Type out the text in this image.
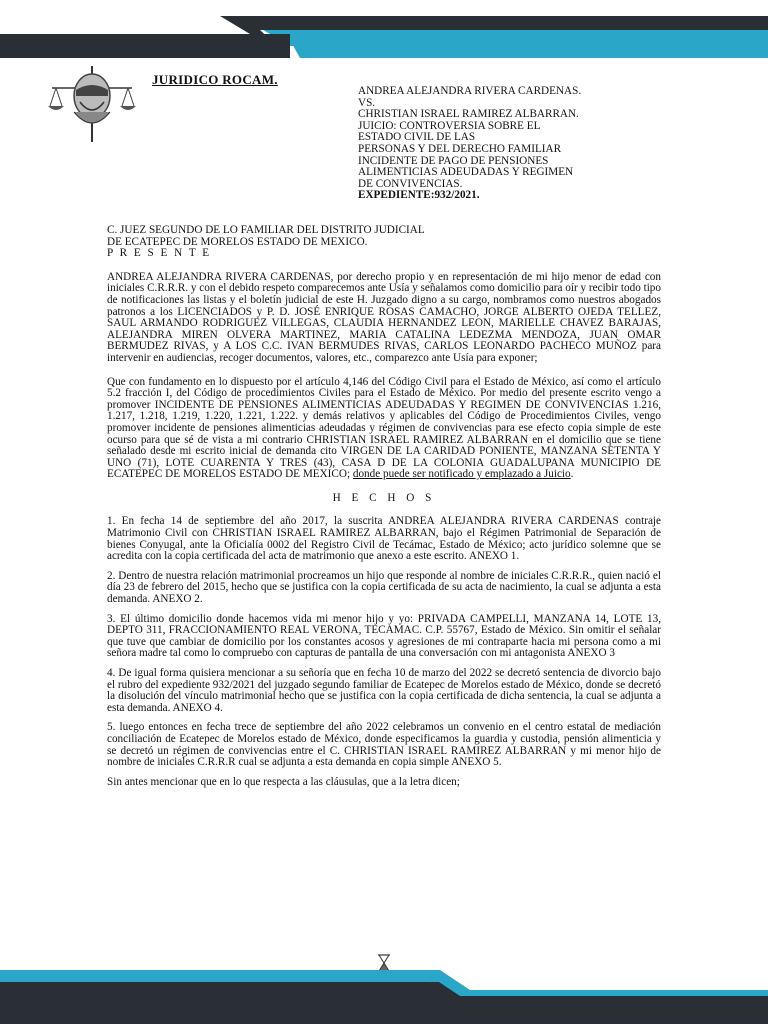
JURIDICO ROCAM.
ANDREA ALEJANDRA RIVERA CARDENAS.
VS.
CHRISTIAN ISRAEL RAMIREZ ALBARRAN.
JUICIO: CONTROVERSIA SOBRE EL
ESTADO CIVIL DE LAS
PERSONAS Y DEL DERECHO FAMILIAR
INCIDENTE DE PAGO DE PENSIONES
ALIMENTICIAS ADEUDADAS Y REGIMEN
DE CONVIVENCIAS.
EXPEDIENTE:932/2021.
C. JUEZ SEGUNDO DE LO FAMILIAR DEL DISTRITO JUDICIAL
DE ECATEPEC DE MORELOS ESTADO DE MEXICO.
P R E S E N T E

ANDREA ALEJANDRA RIVERA CARDENAS, por derecho propio y en representación de mi hijo menor de edad con iniciales C.R.R.R. y con el debido respeto comparecemos ante Usía y señalamos como domicilio para oír y recibir todo tipo de notificaciones las listas y el boletín judicial de este H. Juzgado digno a su cargo, nombramos como nuestros abogados patronos a los LICENCIADOS y P. D. JOSÉ ENRIQUE ROSAS CAMACHO, JORGE ALBERTO OJEDA TELLEZ, SAUL ARMANDO RODRIGUEZ VILLEGAS, CLAUDIA HERNANDEZ LEON, MARIELLE CHAVEZ BARAJAS, ALEJANDRA MIREN OLVERA MARTINEZ, MARIA CATALINA LEDEZMA MENDOZA, JUAN OMAR BERMUDEZ RIVAS, y A LOS C.C. IVAN BERMUDES RIVAS, CARLOS LEONARDO PACHECO MUÑOZ para intervenir en audiencias, recoger documentos, valores, etc., comparezco ante Usía para exponer;

Que con fundamento en lo dispuesto por el artículo 4,146 del Código Civil para el Estado de México, así como el artículo 5.2 fracción I, del Código de procedimientos Civiles para el Estado de México. Por medio del presente escrito vengo a promover INCIDENTE DE PENSIONES ALIMENTICIAS ADEUDADAS Y REGIMEN DE CONVIVENCIAS 1.216, 1.217, 1.218, 1.219, 1.220, 1.221, 1.222. y demás relativos y aplicables del Código de Procedimientos Civiles, vengo promover incidente de pensiones alimenticias adeudadas y régimen de convivencias para ese efecto copia simple de este ocurso para que sé de vista a mi contrario CHRISTIAN ISRAEL RAMIREZ ALBARRAN en el domicilio que se tiene señalado desde mi escrito inicial de demanda cito VIRGEN DE LA CARIDAD PONIENTE, MANZANA SETENTA Y UNO (71), LOTE CUARENTA Y TRES (43), CASA D DE LA COLONIA GUADALUPANA MUNICIPIO DE ECATEPEC DE MORELOS ESTADO DE MEXICO; donde puede ser notificado y emplazado a Juicio.

H E C H O S

1. En fecha 14 de septiembre del año 2017, la suscrita ANDREA ALEJANDRA RIVERA CARDENAS contraje Matrimonio Civil con CHRISTIAN ISRAEL RAMIREZ ALBARRAN, bajo el Régimen Patrimonial de Separación de bienes Conyugal, ante la Oficialía 0002 del Registro Civil de Tecámac, Estado de México; acto jurídico solemne que se acredita con la copia certificada del acta de matrimonio que anexo a este escrito. ANEXO 1.

2. Dentro de nuestra relación matrimonial procreamos un hijo que responde al nombre de iniciales C.R.R.R., quien nació el día 23 de febrero del 2015, hecho que se justifica con la copia certificada de su acta de nacimiento, la cual se adjunta a esta demanda. ANEXO 2.

3. El último domicilio donde hacemos vida mi menor hijo y yo: PRIVADA CAMPELLI, MANZANA 14, LOTE 13, DEPTO 311, FRACCIONAMIENTO REAL VERONA, TECAMAC. C.P. 55767, Estado de México. Sin omitir el señalar que tuve que cambiar de domicilio por los constantes acosos y agresiones de mi contraparte hacia mi persona como a mi señora madre tal como lo compruebo con capturas de pantalla de una conversación con mi antagonista ANEXO 3

4. De igual forma quisiera mencionar a su señoría que en fecha 10 de marzo del 2022 se decretó sentencia de divorcio bajo el rubro del expediente 932/2021 del juzgado segundo familiar de Ecatepec de Morelos estado de México, donde se decretó la disolución del vínculo matrimonial hecho que se justifica con la copia certificada de dicha sentencia, la cual se adjunta a esta demanda. ANEXO 4.

5. luego entonces en fecha trece de septiembre del año 2022 celebramos un convenio en el centro estatal de mediación conciliación de Ecatepec de Morelos estado de México, donde especificamos la guardia y custodia, pensión alimenticia y se decretó un régimen de convivencias entre el C. CHRISTIAN ISRAEL RAMIREZ ALBARRAN y mi menor hijo de nombre de iniciales C.R.R.R cual se adjunta a esta demanda en copia simple ANEXO 5.

Sin antes mencionar que en lo que respecta a las cláusulas, que a la letra dicen;
